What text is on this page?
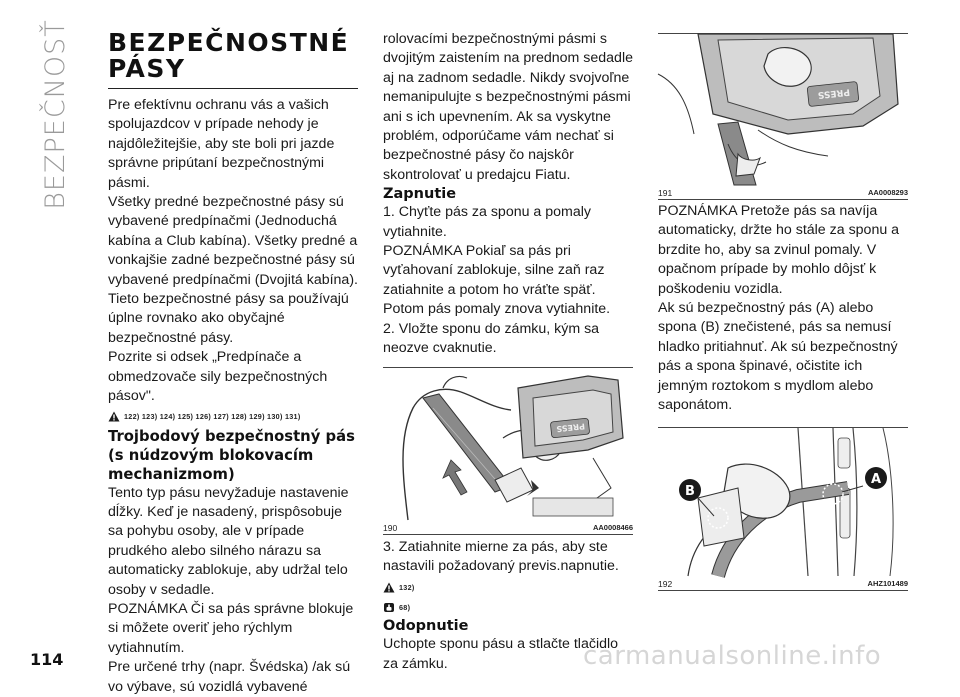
BEZPEČNOSŤ BEZPEČNOSTNÉ
PÁSY

Pre efektívnu ochranu vás a vašich spolujazdcov v prípade nehody je najdôležitejšie, aby ste boli pri jazde správne pripútaní bezpečnostnými pásmi.

Všetky predné bezpečnostné pásy sú vybavené predpínačmi (Jednoduchá kabína a Club kabína). Všetky predné a vonkajšie zadné bezpečnostné pásy sú vybavené predpínačmi (Dvojitá kabína).

Tieto bezpečnostné pásy sa používajú úplne rovnako ako obyčajné bezpečnostné pásy.

Pozrite si odsek „Predpínače a obmedzovače sily bezpečnostných pásov".

122) 123) 124) 125) 126) 127) 128) 129) 130) 131)
Trojbodový bezpečnostný pás (s núdzovým blokovacím mechanizmom)

Tento typ pásu nevyžaduje nastavenie dĺžky. Keď je nasadený, prispôsobuje sa pohybu osoby, ale v prípade prudkého alebo silného nárazu sa automaticky zablokuje, aby udržal telo osoby v sedadle.

POZNÁMKA Či sa pás správne blokuje si môžete overiť jeho rýchlym vytiahnutím.

Pre určené trhy (napr. Švédska) /ak sú vo výbave, sú vozidlá vybavené

rolovacími bezpečnostnými pásmi s dvojitým zaistením na prednom sedadle aj na zadnom sedadle. Nikdy svojvoľne nemanipulujte s bezpečnostnými pásmi ani s ich upevnením. Ak sa vyskytne problém, odporúčame vám nechať si bezpečnostné pásy čo najskôr skontrolovať u predajcu Fiatu.

Zapnutie

1. Chyťte pás za sponu a pomaly vytiahnite.

POZNÁMKA Pokiaľ sa pás pri vyťahovaní zablokuje, silne zaň raz zatiahnite a potom ho vráťte späť. Potom pás pomaly znova vytiahnite.

2. Vložte sponu do zámku, kým sa neozve cvaknutie.

PRESS
190	AA0008466

3. Zatiahnite mierne za pás, aby ste nastavili požadovaný previs.napnutie.

132)
68)
Odopnutie

Uchopte sponu pásu a stlačte tlačidlo za zámku.

PRESS
191	AA0008293

POZNÁMKA Pretože pás sa navíja automaticky, držte ho stále za sponu a brzdite ho, aby sa zvinul pomaly. V opačnom prípade by mohlo dôjsť k poškodeniu vozidla.

Ak sú bezpečnostný pás (A) alebo spona (B) znečistené, pás sa nemusí hladko pritiahnuť. Ak sú bezpečnostný pás a spona špinavé, očistite ich jemným roztokom s mydlom alebo saponátom.

B
A
192	AHZ101489
114	carmanualsonline.info
